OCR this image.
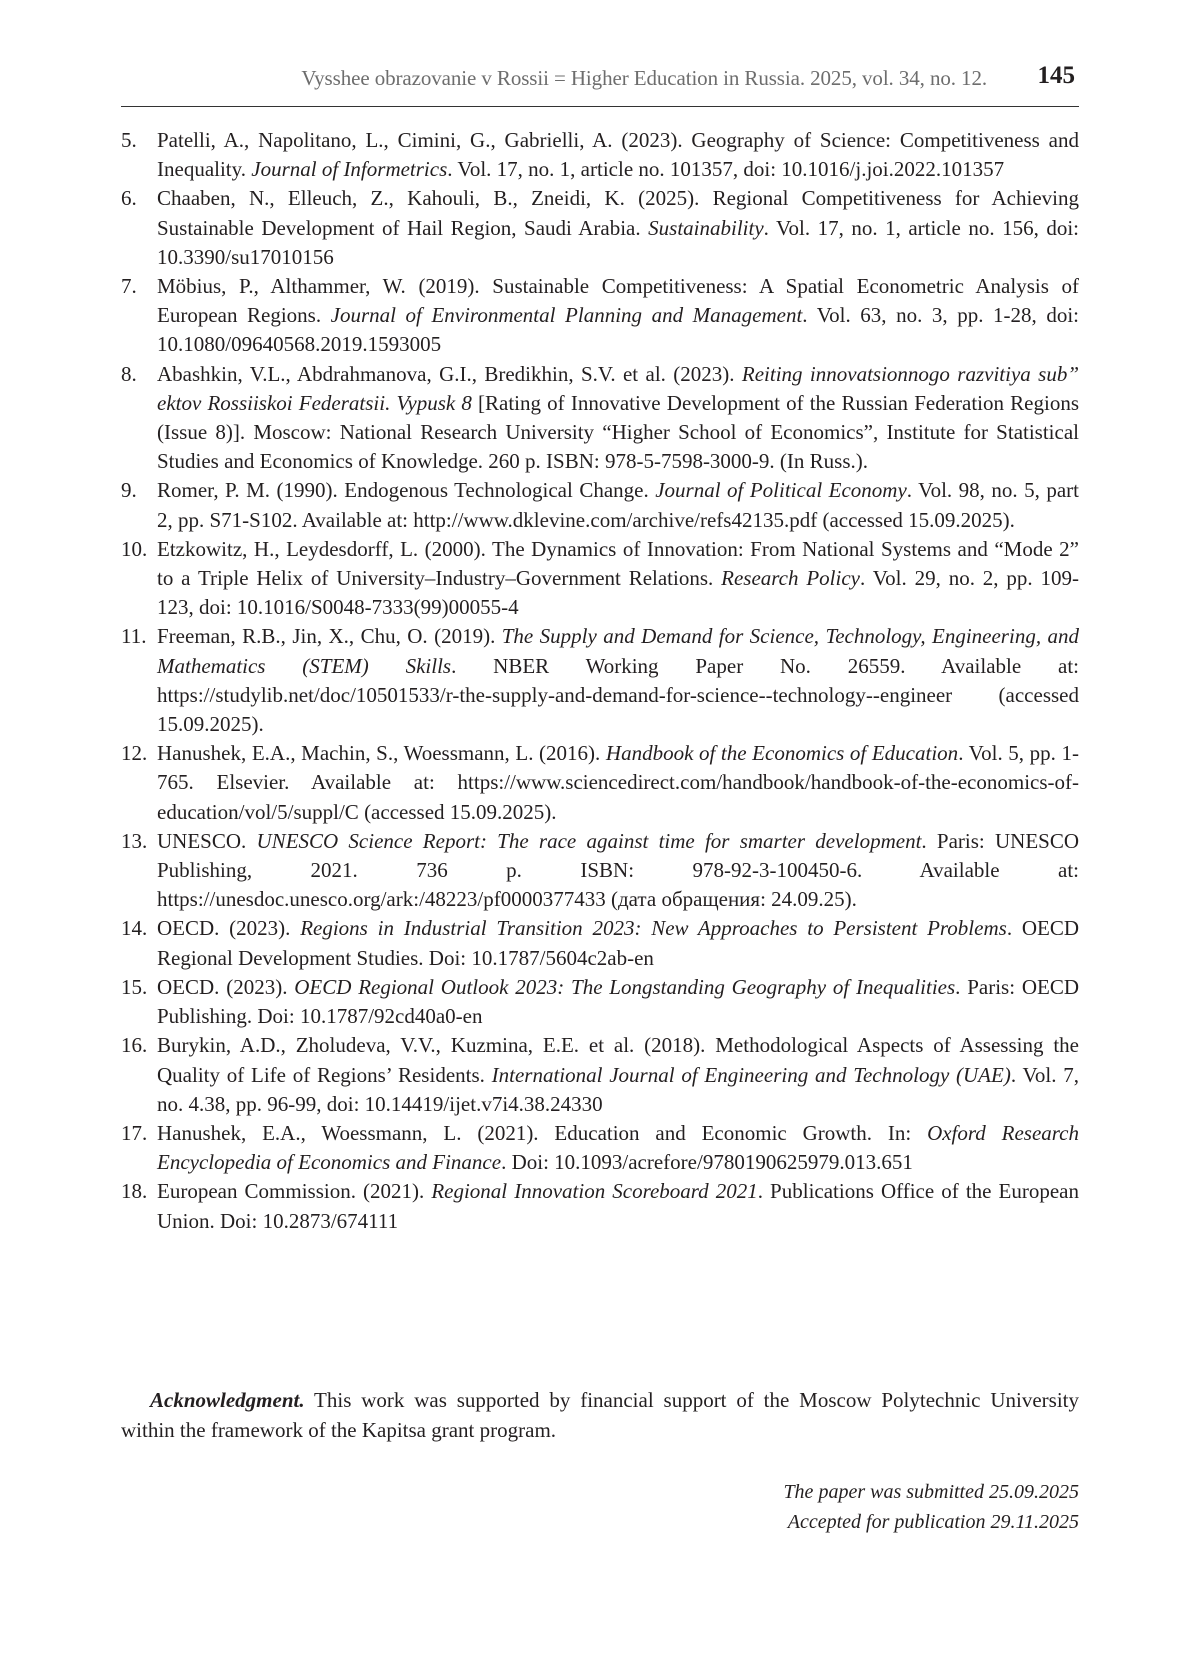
Vysshee obrazovanie v Rossii = Higher Education in Russia. 2025, vol. 34, no. 12. 145
5. Patelli, A., Napolitano, L., Cimini, G., Gabrielli, A. (2023). Geography of Science: Competitiveness and Inequality. Journal of Informetrics. Vol. 17, no. 1, article no. 101357, doi: 10.1016/j.joi.2022.101357
6. Chaaben, N., Elleuch, Z., Kahouli, B., Zneidi, K. (2025). Regional Competitiveness for Achieving Sustainable Development of Hail Region, Saudi Arabia. Sustainability. Vol. 17, no. 1, article no. 156, doi: 10.3390/su17010156
7. Möbius, P., Althammer, W. (2019). Sustainable Competitiveness: A Spatial Econometric Analysis of European Regions. Journal of Environmental Planning and Management. Vol. 63, no. 3, pp. 1-28, doi: 10.1080/09640568.2019.1593005
8. Abashkin, V.L., Abdrahmanova, G.I., Bredikhin, S.V. et al. (2023). Reiting innovatsionnogo razvitiya sub” ektov Rossiiskoi Federatsii. Vypusk 8 [Rating of Innovative Development of the Russian Federation Regions (Issue 8)]. Moscow: National Research University “Higher School of Economics”, Institute for Statistical Studies and Economics of Knowledge. 260 p. ISBN: 978-5-7598-3000-9. (In Russ.).
9. Romer, P. M. (1990). Endogenous Technological Change. Journal of Political Economy. Vol. 98, no. 5, part 2, pp. S71-S102. Available at: http://www.dklevine.com/archive/refs42135.pdf (accessed 15.09.2025).
10. Etzkowitz, H., Leydesdorff, L. (2000). The Dynamics of Innovation: From National Systems and “Mode 2” to a Triple Helix of University–Industry–Government Relations. Research Policy. Vol. 29, no. 2, pp. 109-123, doi: 10.1016/S0048-7333(99)00055-4
11. Freeman, R.B., Jin, X., Chu, O. (2019). The Supply and Demand for Science, Technology, Engineering, and Mathematics (STEM) Skills. NBER Working Paper No. 26559. Available at: https://studylib.net/doc/10501533/r-the-supply-and-demand-for-science--technology--engineer (accessed 15.09.2025).
12. Hanushek, E.A., Machin, S., Woessmann, L. (2016). Handbook of the Economics of Education. Vol. 5, pp. 1-765. Elsevier. Available at: https://www.sciencedirect.com/handbook/handbook-of-the-economics-of-education/vol/5/suppl/C (accessed 15.09.2025).
13. UNESCO. UNESCO Science Report: The race against time for smarter development. Paris: UNESCO Publishing, 2021. 736 p. ISBN: 978-92-3-100450-6. Available at: https://unesdoc.unesco.org/ark:/48223/pf0000377433 (дата обращения: 24.09.25).
14. OECD. (2023). Regions in Industrial Transition 2023: New Approaches to Persistent Problems. OECD Regional Development Studies. Doi: 10.1787/5604c2ab-en
15. OECD. (2023). OECD Regional Outlook 2023: The Longstanding Geography of Inequalities. Paris: OECD Publishing. Doi: 10.1787/92cd40a0-en
16. Burykin, A.D., Zholudeva, V.V., Kuzmina, E.E. et al. (2018). Methodological Aspects of Assessing the Quality of Life of Regions’ Residents. International Journal of Engineering and Technology (UAE). Vol. 7, no. 4.38, pp. 96-99, doi: 10.14419/ijet.v7i4.38.24330
17. Hanushek, E.A., Woessmann, L. (2021). Education and Economic Growth. In: Oxford Research Encyclopedia of Economics and Finance. Doi: 10.1093/acrefore/9780190625979.013.651
18. European Commission. (2021). Regional Innovation Scoreboard 2021. Publications Office of the European Union. Doi: 10.2873/674111

Acknowledgment. This work was supported by financial support of the Moscow Polytechnic University within the framework of the Kapitsa grant program.

The paper was submitted 25.09.2025
Accepted for publication 29.11.2025
